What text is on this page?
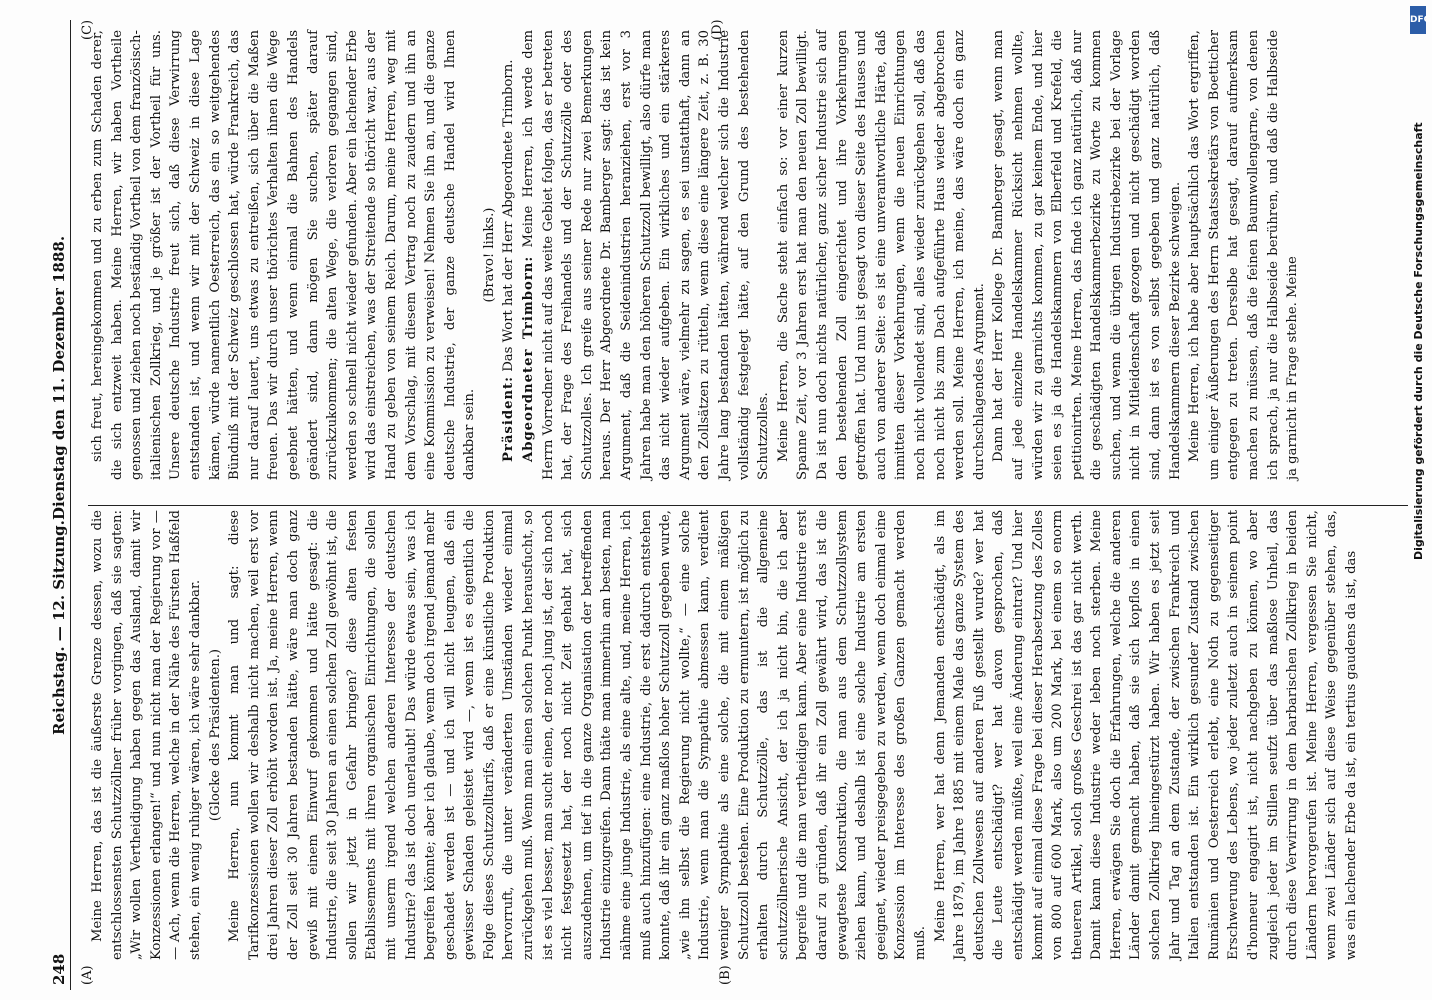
248
Reichstag. — 12. Sitzung.
Dienstag den 11. Dezember 1888.
(A)	(B)
(C)	(D)

Meine Herren, das ist die äußerste Grenze dessen, wozu die entschlossensten Schutzzöllner früher vorgingen, daß sie sagten: „Wir wollen Vertheidigung haben gegen das Ausland, damit wir Konzessionen erlangen!“ und nun nicht man der Regierung vor — — Ach, wenn die Herren, welche in der Nähe des Fürsten Haßfeld stehen, ein wenig ruhiger wären, ich wäre sehr dankbar. (Glocke des Präsidenten.) Meine Herren, nun kommt man und sagt: diese Tarifkonzessionen wollen wir deshalb nicht machen, weil erst vor drei Jahren dieser Zoll erhöht worden ist. Ja, meine Herren, wenn der Zoll seit 30 Jahren bestanden hätte, wäre man doch ganz gewiß mit einem Einwurf gekommen und hätte gesagt: die Industrie, die seit 30 Jahren an einen solchen Zoll gewöhnt ist, die sollen wir jetzt in Gefahr bringen? diese alten festen Etablissements mit ihren organischen Einrichtungen, die sollen mit unserm irgend welchen anderen Interesse der deutschen Industrie? das ist doch unerlaubt! Das würde etwas sein, was ich begreifen könnte; aber ich glaube, wenn doch irgend jemand mehr geschadet werden ist — und ich will nicht leugnen, daß ein gewisser Schaden geleistet wird —, wenn ist es eigentlich die Folge dieses Schutzzolltarifs, daß er eine künstliche Produktion hervorruft, die unter veränderten Umständen wieder einmal zurückgehen muß. Wenn man einen solchen Punkt herausfucht, so ist es viel besser, man sucht einen, der noch jung ist, der sich noch nicht festgesetzt hat, der noch nicht Zeit gehabt hat, sich auszudehnen, um tief in die ganze Organisation der betreffenden Industrie einzugreifen. Dann thäte man immerhin am besten, man nähme eine junge Industrie, als eine alte, und, meine Herren, ich muß auch hinzufügen: eine Industrie, die erst dadurch entstehen konnte, daß ihr ein ganz maßlos hoher Schutzzoll gegeben wurde, „wie ihn selbst die Regierung nicht wollte,“ — eine solche Industrie, wenn man die Sympathie abmessen kann, verdient weniger Sympathie als eine solche, die mit einem mäßigen Schutzzoll bestehen. Eine Produktion zu ermuntern, ist möglich zu erhalten durch Schutzzölle, das ist die allgemeine schutzzöllnerische Ansicht, der ich ja nicht bin, die ich aber begreife und die man vertheidigen kann. Aber eine Industrie erst darauf zu gründen, daß ihr ein Zoll gewährt wird, das ist die gewagteste Konstruktion, die man aus dem Schutzzollsystem ziehen kann, und deshalb ist eine solche Industrie am ersten geeignet, wieder preisgegeben zu werden, wenn doch einmal eine Konzession im Interesse des großen Ganzen gemacht werden muß.

Meine Herren, wer hat denn Jemanden entschädigt, als im Jahre 1879, im Jahre 1885 mit einem Male das ganze System des deutschen Zollwesens auf anderen Fuß gestellt wurde? wer hat die Leute entschädigt? wer hat davon gesprochen, daß entschädigt werden müßte, weil eine Änderung eintrat? Und hier kommt auf einmal diese Frage bei dieser Herabsetzung des Zolles von 800 auf 600 Mark, also um 200 Mark, bei einem so enorm theueren Artikel, solch großes Geschrei ist das gar nicht werth. Damit kann diese Industrie weder leben noch sterben. Meine Herren, erwägen Sie doch die Erfahrungen, welche die anderen Länder damit gemacht haben, daß sie sich kopflos in einen solchen Zollkrieg hineingestürzt haben. Wir haben es jetzt seit Jahr und Tag an dem Zustande, der zwischen Frankreich und Italien entstanden ist. Ein wirklich gesunder Zustand zwischen Rumänien und Oesterreich erlebt, eine Noth zu gegenseitiger Erschwerung des Lebens, wo jeder zuletzt auch in seinem point d'honneur engagirt ist, nicht nachgeben zu können, wo aber zugleich jeder im Stillen seufzt über das maßlose Unheil, das durch diese Verwirrung in dem barbarischen Zollkrieg in beiden Ländern hervorgerufen ist. Meine Herren, vergessen Sie nicht, wenn zwei Länder sich auf diese Weise gegenüber stehen, das, was ein lachender Erbe da ist, ein tertius gaudens da ist, das

sich freut, hereingekommen und zu erben zum Schaden derer, die sich entzweit haben. Meine Herren, wir haben Vortheile genossen und ziehen noch beständig Vortheil von dem französisch-italienischen Zollkrieg, und je größer ist der Vortheil für uns. Unsere deutsche Industrie freut sich, daß diese Verwirrung entstanden ist, und wenn wir mit der Schweiz in diese Lage kämen, würde namentlich Oesterreich, das ein so weitgehendes Bündniß mit der Schweiz geschlossen hat, würde Frankreich, das nur darauf lauert, uns etwas zu entreißen, sich über die Maßen freuen. Das wir durch unser thörichtes Verhalten ihnen die Wege geebnet hätten, und wenn einmal die Bahnen des Handels geändert sind, dann mögen Sie suchen, später darauf zurückzukommen; die alten Wege, die verloren gegangen sind, werden so schnell nicht wieder gefunden. Aber ein lachender Erbe wird das einstreichen, was der Streitende so thöricht war, aus der Hand zu geben von seinem Reich. Darum, meine Herren, weg mit dem Vorschlag, mit diesem Vertrag noch zu zaudern und ihn an eine Kommission zu verweisen! Nehmen Sie ihn an, und die ganze deutsche Industrie, der ganze deutsche Handel wird Ihnen dankbar sein.

(Bravo! links.)

Präsident: Das Wort hat der Herr Abgeordnete Trimborn. Abgeordneter Trimborn: Meine Herren, ich werde dem Herrn Vorredner nicht auf das weite Gebiet folgen, das er betreten hat, der Frage des Freihandels und der Schutzzölle oder des Schutzzolles. Ich greife aus seiner Rede nur zwei Bemerkungen heraus. Der Herr Abgeordnete Dr. Bamberger sagt: das ist kein Argument, daß die Seidenindustrien heranziehen, erst vor 3 Jahren habe man den höheren Schutzzoll bewilligt, also dürfe man das nicht wieder aufgeben. Ein wirkliches und ein stärkeres Argument wäre, vielmehr zu sagen, es sei unstatthaft, dann an den Zollsätzen zu rütteln, wenn diese eine längere Zeit, z. B. 30 Jahre lang bestanden hätten, während welcher sich die Industrie vollständig festgelegt hätte, auf den Grund des bestehenden Schutzzolles. Meine Herren, die Sache steht einfach so: vor einer kurzen Spanne Zeit, vor 3 Jahren erst hat man den neuen Zoll bewilligt. Da ist nun doch nichts natürlicher, ganz sicher Industrie sich auf den bestehenden Zoll eingerichtet und ihre Vorkehrungen getroffen hat. Und nun ist gesagt von dieser Seite des Hauses und auch von anderer Seite: es ist eine unverantwortliche Härte, daß inmitten dieser Vorkehrungen, wenn die neuen Einrichtungen noch nicht vollendet sind, alles wieder zurückgehen soll, daß das noch nicht bis zum Dach aufgeführte Haus wieder abgebrochen werden soll. Meine Herren, ich meine, das wäre doch ein ganz durchschlagendes Argument. Dann hat der Herr Kollege Dr. Bamberger gesagt, wenn man auf jede einzelne Handelskammer Rücksicht nehmen wollte, würden wir zu garnichts kommen, zu gar keinem Ende, und hier seien es ja die Handelskammern von Elberfeld und Krefeld, die petitionirten. Meine Herren, das finde ich ganz natürlich, daß nur die geschädigten Handelskammerbezirke zu Worte zu kommen suchen, und wenn die übrigen Industriebezirke bei der Vorlage nicht in Mitleidenschaft gezogen und nicht geschädigt worden sind, dann ist es von selbst gegeben und ganz natürlich, daß Handelskammern dieser Bezirke schweigen. Meine Herren, ich habe aber hauptsächlich das Wort ergriffen, um einiger Äußerungen des Herrn Staatssekretärs von Boetticher entgegen zu treten. Derselbe hat gesagt, darauf aufmerksam machen zu müssen, daß die feinen Baumwollengarne, von denen ich sprach, ja nur die Halbseide berühren, und daß die Halbseide ja garnicht in Frage stehe. Meine	Digitalisierung gefördert durch die Deutsche Forschungsgemeinschaft
DFG
